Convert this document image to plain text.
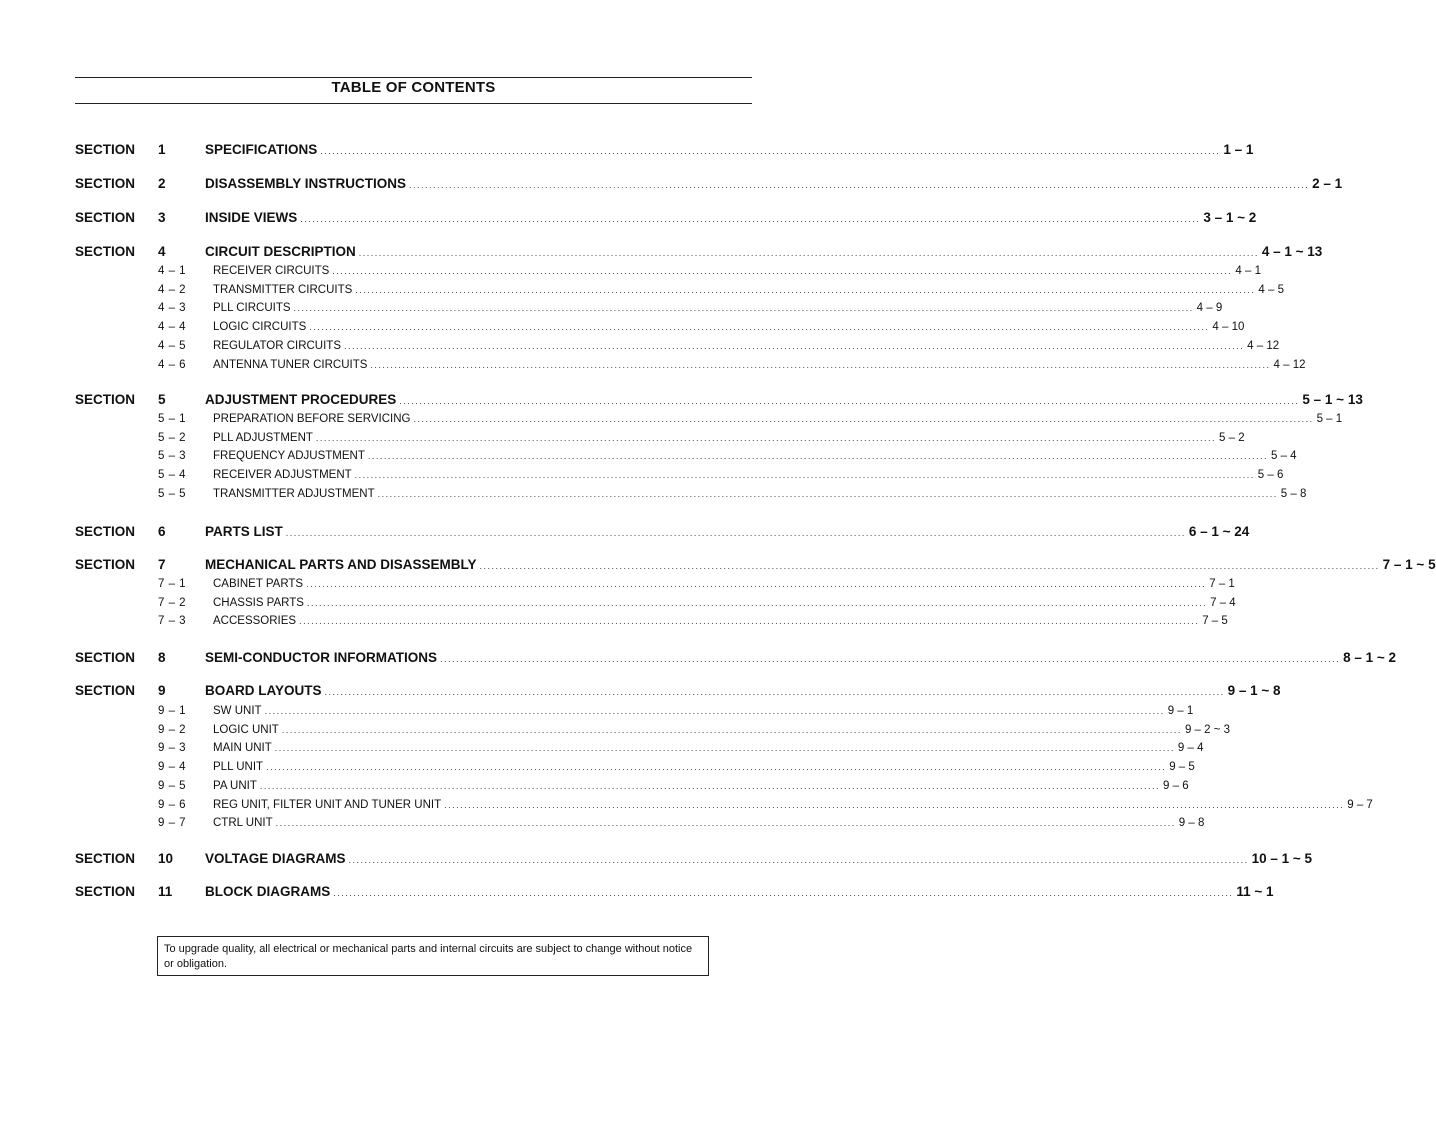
TABLE OF CONTENTS
SECTION 1	SPECIFICATIONS ................................................................................................................................................................................................................................. 1 – 1
SECTION 2	DISASSEMBLY INSTRUCTIONS ................................................................................................................................................................................................................................. 2 – 1
SECTION 3	INSIDE VIEWS ................................................................................................................................................................................................................................. 3 – 1 ~ 2
SECTION 4	CIRCUIT DESCRIPTION ................................................................................................................................................................................................................................. 4 – 1 ~ 13
4 – 1 RECEIVER CIRCUITS ................................................................................................................................................................................................................................. 4 – 1
4 – 2 TRANSMITTER CIRCUITS ................................................................................................................................................................................................................................. 4 – 5
4 – 3 PLL CIRCUITS ................................................................................................................................................................................................................................. 4 – 9
4 – 4 LOGIC CIRCUITS ................................................................................................................................................................................................................................. 4 – 10
4 – 5 REGULATOR CIRCUITS ................................................................................................................................................................................................................................. 4 – 12
4 – 6 ANTENNA TUNER CIRCUITS ................................................................................................................................................................................................................................. 4 – 12
SECTION 5	ADJUSTMENT PROCEDURES ................................................................................................................................................................................................................................. 5 – 1 ~ 13
5 – 1 PREPARATION BEFORE SERVICING ................................................................................................................................................................................................................................. 5 – 1
5 – 2 PLL ADJUSTMENT ................................................................................................................................................................................................................................. 5 – 2
5 – 3 FREQUENCY ADJUSTMENT ................................................................................................................................................................................................................................. 5 – 4
5 – 4 RECEIVER ADJUSTMENT ................................................................................................................................................................................................................................. 5 – 6
5 – 5 TRANSMITTER ADJUSTMENT ................................................................................................................................................................................................................................. 5 – 8
SECTION 6	PARTS LIST ................................................................................................................................................................................................................................. 6 – 1 ~ 24
SECTION 7	MECHANICAL PARTS AND DISASSEMBLY ................................................................................................................................................................................................................................. 7 – 1 ~ 5
7 – 1 CABINET PARTS ................................................................................................................................................................................................................................. 7 – 1
7 – 2 CHASSIS PARTS ................................................................................................................................................................................................................................. 7 – 4
7 – 3 ACCESSORIES ................................................................................................................................................................................................................................. 7 – 5
SECTION 8	SEMI-CONDUCTOR INFORMATIONS ................................................................................................................................................................................................................................. 8 – 1 ~ 2
SECTION 9	BOARD LAYOUTS ................................................................................................................................................................................................................................. 9 – 1 ~ 8
9 – 1 SW UNIT ................................................................................................................................................................................................................................. 9 – 1
9 – 2 LOGIC UNIT ................................................................................................................................................................................................................................. 9 – 2 ~ 3
9 – 3 MAIN UNIT ................................................................................................................................................................................................................................. 9 – 4
9 – 4 PLL UNIT ................................................................................................................................................................................................................................. 9 – 5
9 – 5 PA UNIT ................................................................................................................................................................................................................................. 9 – 6
9 – 6 REG UNIT, FILTER UNIT AND TUNER UNIT ................................................................................................................................................................................................................................. 9 – 7
9 – 7 CTRL UNIT ................................................................................................................................................................................................................................. 9 – 8
SECTION 10 VOLTAGE DIAGRAMS ................................................................................................................................................................................................................................. 10 – 1 ~ 5
SECTION 11 BLOCK DIAGRAMS ................................................................................................................................................................................................................................. 11 ~ 1
To upgrade quality, all electrical or mechanical parts and internal circuits are subject to change without notice or obligation.
